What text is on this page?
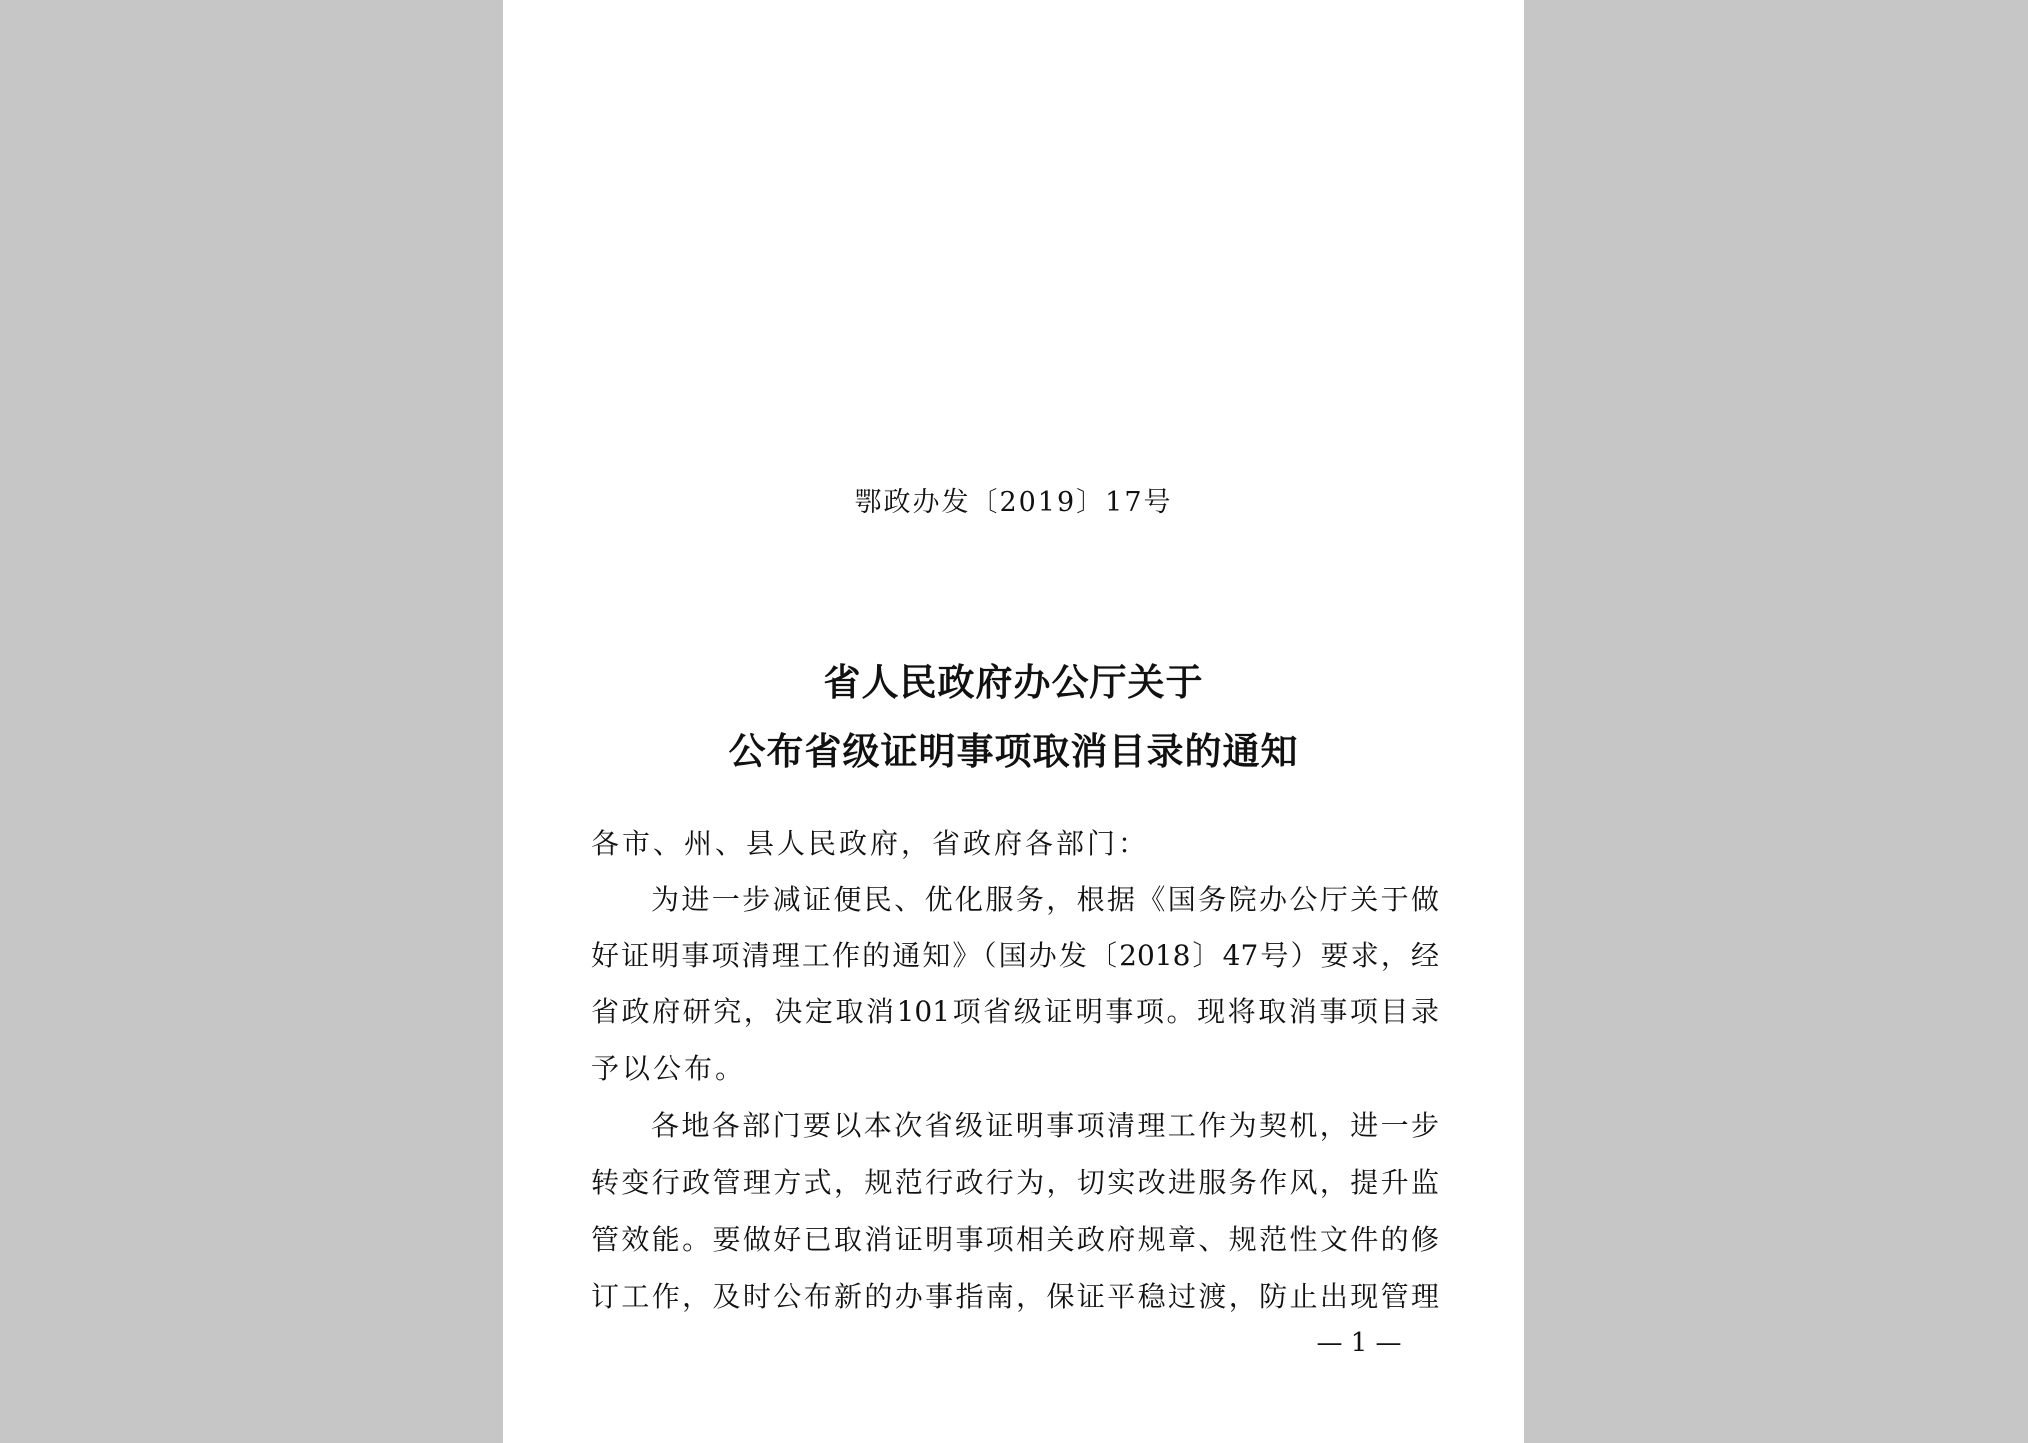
鄂政办发〔2019〕17号
省人民政府办公厅关于
公布省级证明事项取消目录的通知
各市、州、县人民政府，省政府各部门：
为进一步减证便民、优化服务，根据《国务院办公厅关于做
好证明事项清理工作的通知》（国办发〔2018〕47号）要求，经
省政府研究，决定取消101项省级证明事项。现将取消事项目录
予以公布。
各地各部门要以本次省级证明事项清理工作为契机，进一步
转变行政管理方式，规范行政行为，切实改进服务作风，提升监
管效能。要做好已取消证明事项相关政府规章、规范性文件的修
订工作，及时公布新的办事指南，保证平稳过渡，防止出现管理
— 1 —
